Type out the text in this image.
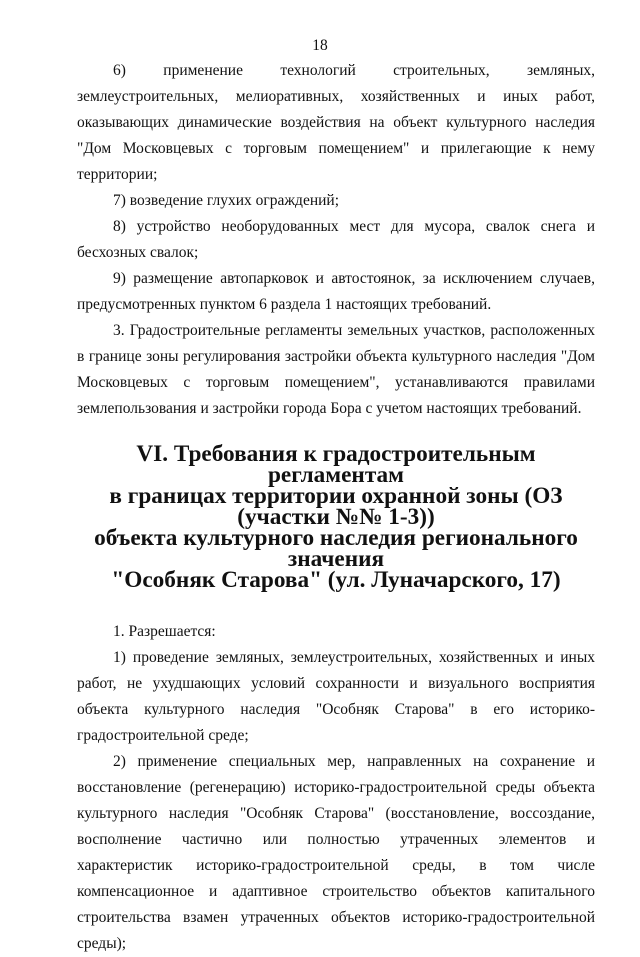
18

6) применение технологий строительных, земляных, землеустроительных, мелиоративных, хозяйственных и иных работ, оказывающих динамические воздействия на объект культурного наследия "Дом Московцевых с торговым помещением" и прилегающие к нему территории;

7) возведение глухих ограждений;

8) устройство необорудованных мест для мусора, свалок снега и бесхозных свалок;

9) размещение автопарковок и автостоянок, за исключением случаев, предусмотренных пунктом 6 раздела 1 настоящих требований.

3. Градостроительные регламенты земельных участков, расположенных в границе зоны регулирования застройки объекта культурного наследия "Дом Московцевых с торговым помещением", устанавливаются правилами землепользования и застройки города Бора с учетом настоящих требований.

VI. Требования к градостроительным регламентам
в границах территории охранной зоны (ОЗ (участки №№ 1-3))
объекта культурного наследия регионального значения
"Особняк Старова" (ул. Луначарского, 17)

1. Разрешается:

1) проведение земляных, землеустроительных, хозяйственных и иных работ, не ухудшающих условий сохранности и визуального восприятия объекта культурного наследия "Особняк Старова" в его историко-градостроительной среде;

2) применение специальных мер, направленных на сохранение и восстановление (регенерацию) историко-градостроительной среды объекта культурного наследия "Особняк Старова" (восстановление, воссоздание, восполнение частично или полностью утраченных элементов и характеристик историко-градостроительной среды, в том числе компенсационное и адаптивное строительство объектов капитального строительства взамен утраченных объектов историко-градостроительной среды);
